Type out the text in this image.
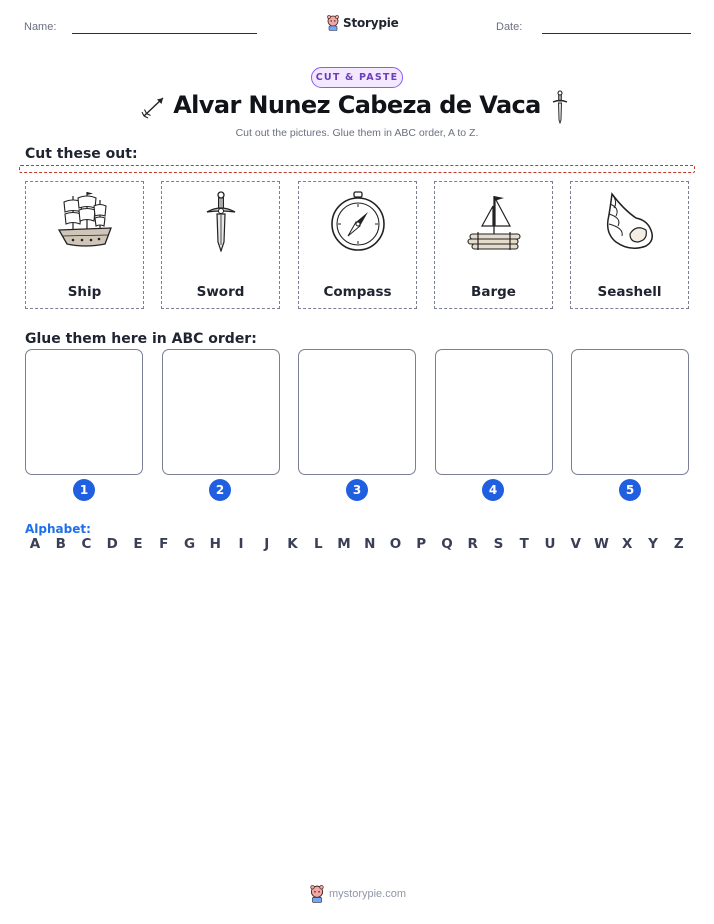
Name:	Storypie	Date:
CUT & PASTE
Alvar Nunez Cabeza de Vaca
Cut out the pictures. Glue them in ABC order, A to Z.
Cut these out:
Ship	Sword	Compass	Barge	Seashell
Glue them here in ABC order:
1	2	3	4	5
Alphabet:
A	B	C	D	E	F	G	H	I	J	K	L	M N	O	P	Q	R	S	T	U	V W X	Y	Z
mystorypie.com
